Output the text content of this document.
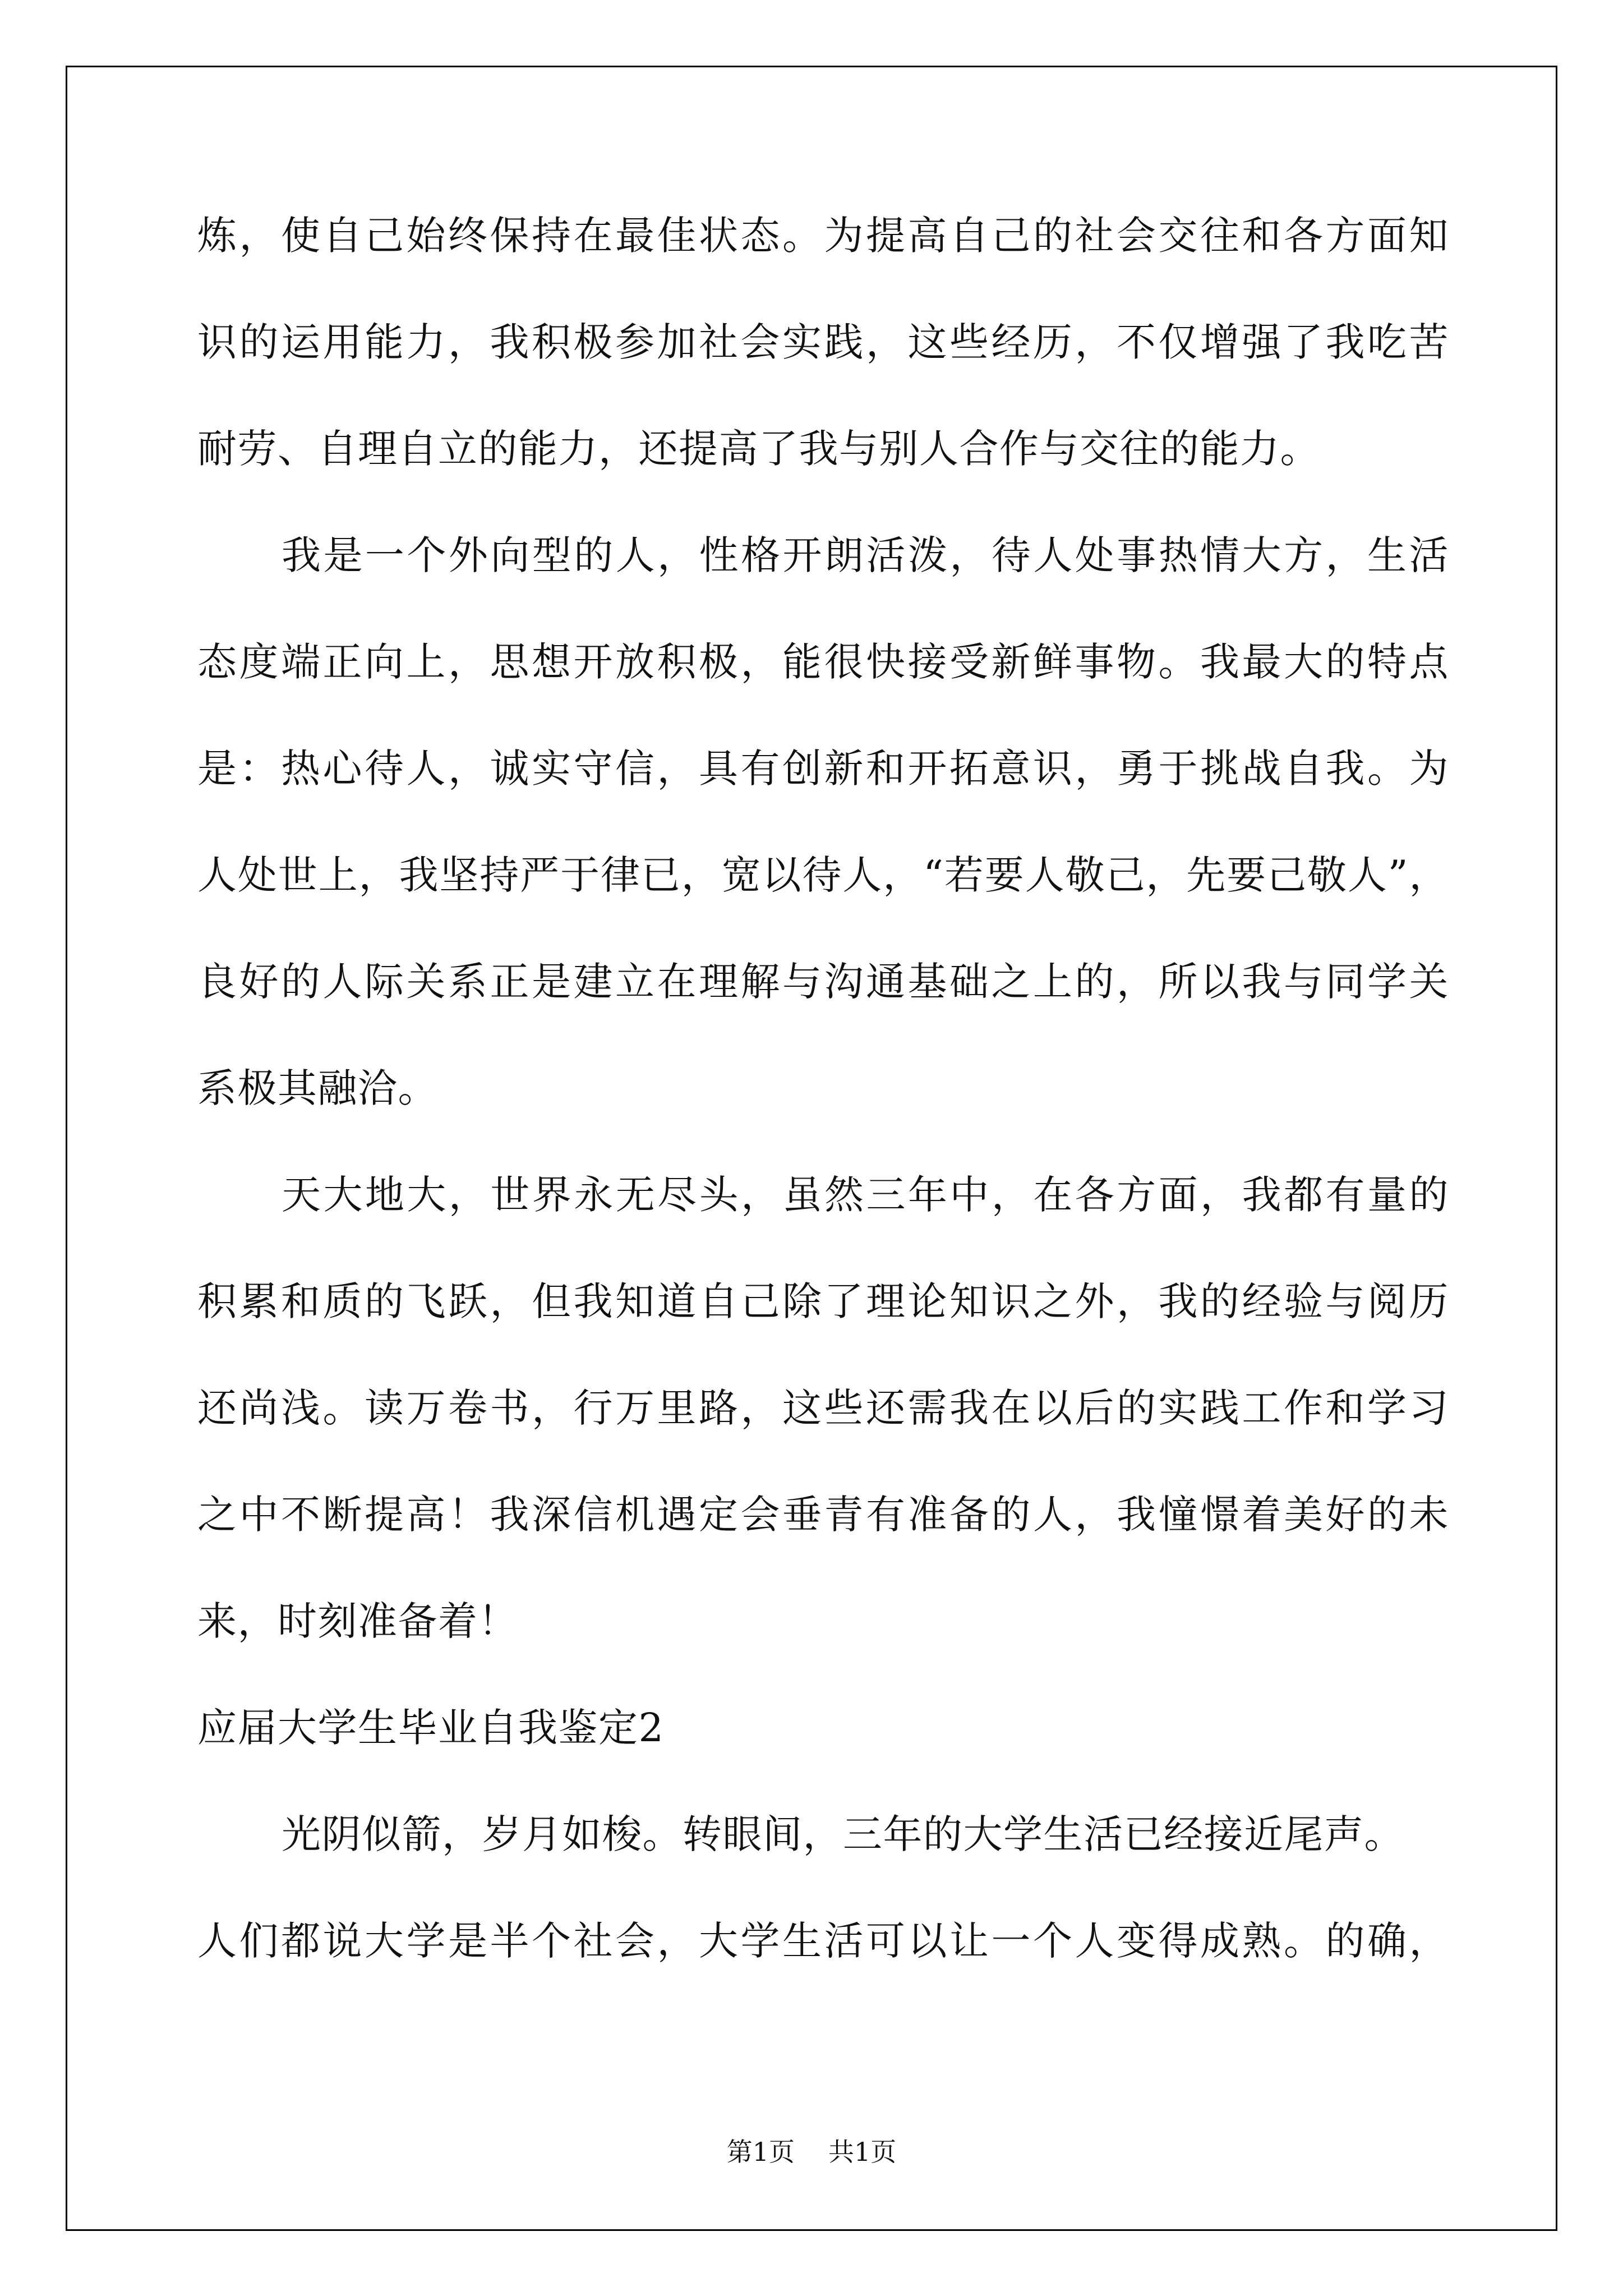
炼，使自己始终保持在最佳状态。为提高自己的社会交往和各方面知
识的运用能力，我积极参加社会实践，这些经历，不仅增强了我吃苦
耐劳、自理自立的能力，还提高了我与别人合作与交往的能力。
我是一个外向型的人，性格开朗活泼，待人处事热情大方，生活
态度端正向上，思想开放积极，能很快接受新鲜事物。我最大的特点
是：热心待人，诚实守信，具有创新和开拓意识，勇于挑战自我。为
人处世上，我坚持严于律已，宽以待人，“若要人敬己，先要己敬人”，
良好的人际关系正是建立在理解与沟通基础之上的，所以我与同学关
系极其融洽。
天大地大，世界永无尽头，虽然三年中，在各方面，我都有量的
积累和质的飞跃，但我知道自己除了理论知识之外，我的经验与阅历
还尚浅。读万卷书，行万里路，这些还需我在以后的实践工作和学习
之中不断提高！我深信机遇定会垂青有准备的人，我憧憬着美好的未
来，时刻准备着！
应届大学生毕业自我鉴定2
光阴似箭，岁月如梭。转眼间，三年的大学生活已经接近尾声。
人们都说大学是半个社会，大学生活可以让一个人变得成熟。的确，
第1页 共1页
